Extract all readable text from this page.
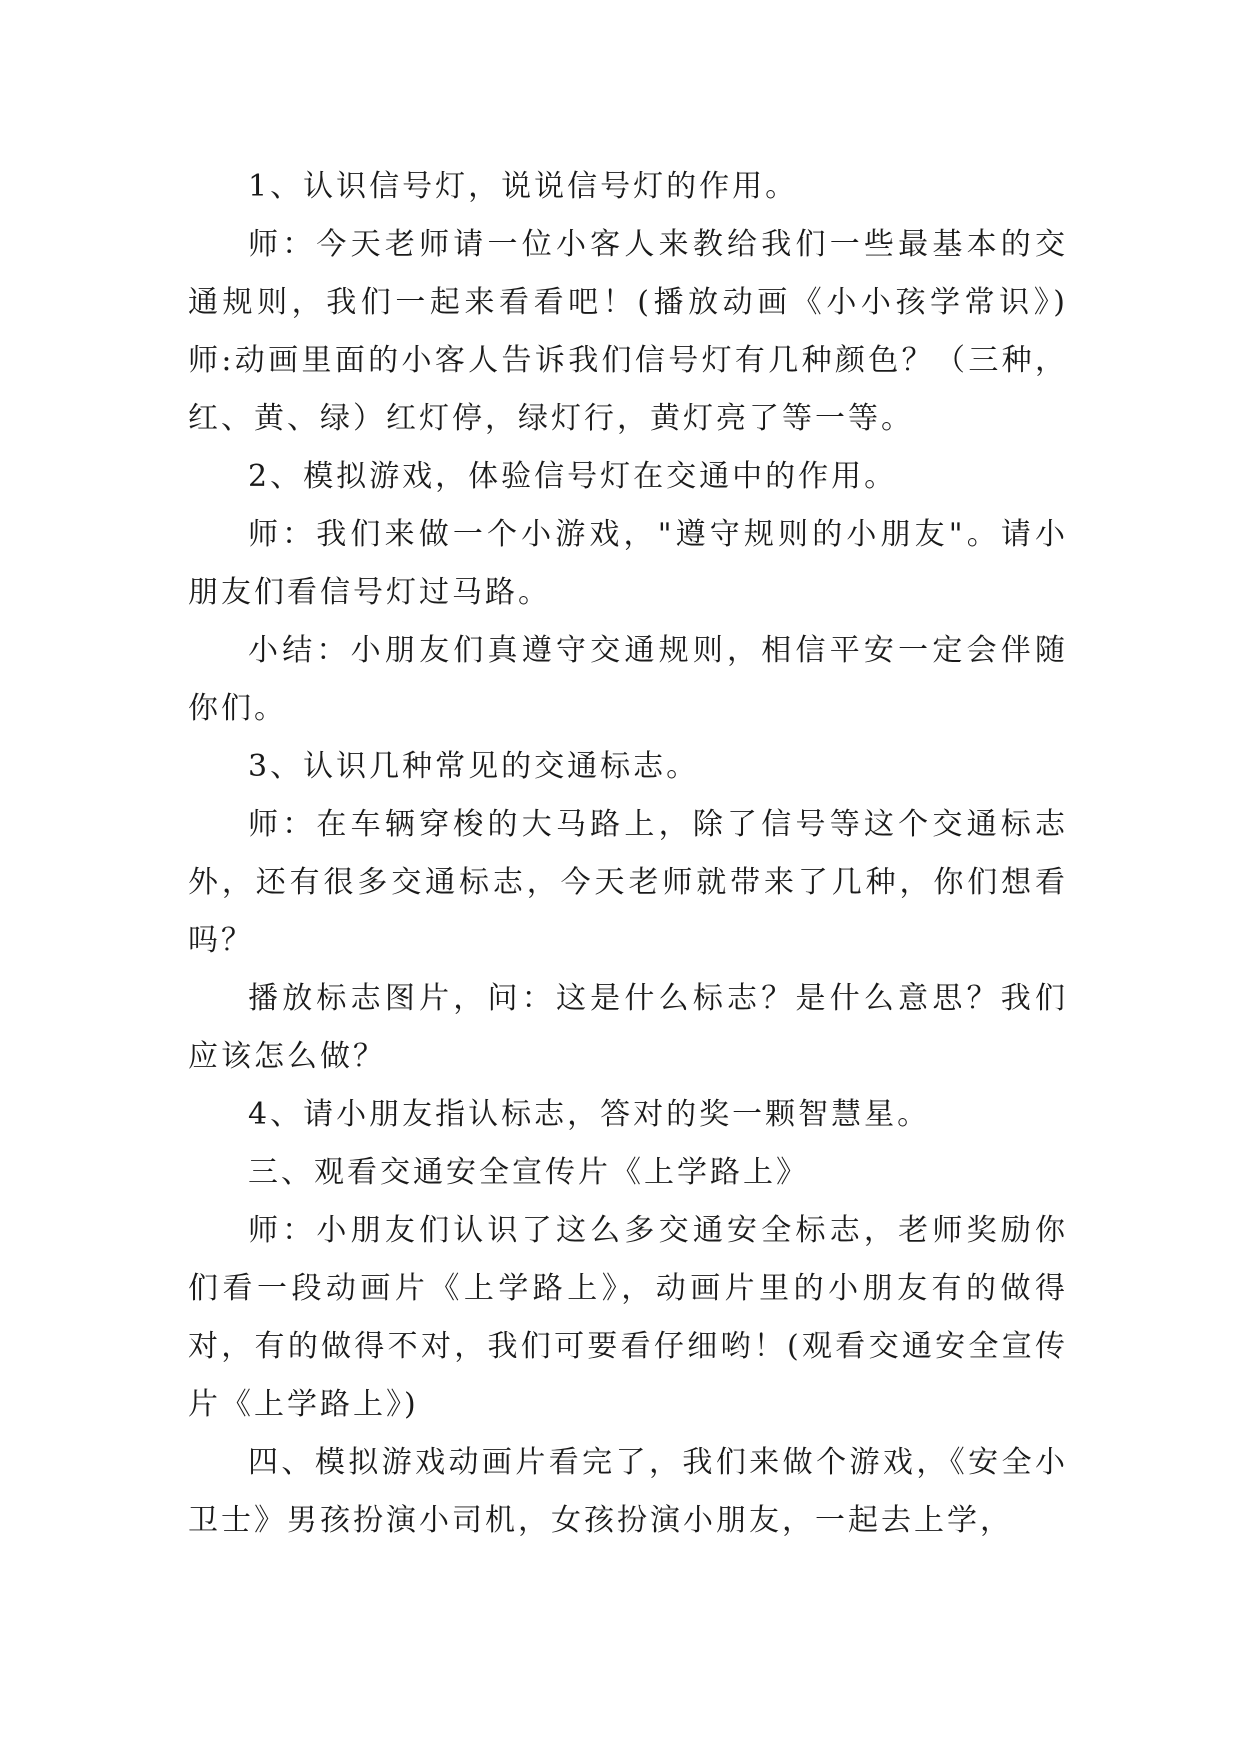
1、认识信号灯，说说信号灯的作用。

师：今天老师请一位小客人来教给我们一些最基本的交通规则，我们一起来看看吧！(播放动画《小小孩学常识》)师:动画里面的小客人告诉我们信号灯有几种颜色？（三种，红、黄、绿）红灯停，绿灯行，黄灯亮了等一等。

2、模拟游戏，体验信号灯在交通中的作用。

师：我们来做一个小游戏，"遵守规则的小朋友"。请小朋友们看信号灯过马路。

小结：小朋友们真遵守交通规则，相信平安一定会伴随你们。

3、认识几种常见的交通标志。

师：在车辆穿梭的大马路上，除了信号等这个交通标志外，还有很多交通标志，今天老师就带来了几种，你们想看吗？

播放标志图片，问：这是什么标志？是什么意思？我们应该怎么做？

4、请小朋友指认标志，答对的奖一颗智慧星。

三、观看交通安全宣传片《上学路上》

师：小朋友们认识了这么多交通安全标志，老师奖励你们看一段动画片《上学路上》，动画片里的小朋友有的做得对，有的做得不对，我们可要看仔细哟！(观看交通安全宣传片《上学路上》)

四、模拟游戏动画片看完了，我们来做个游戏，《安全小卫士》男孩扮演小司机，女孩扮演小朋友，一起去上学，
